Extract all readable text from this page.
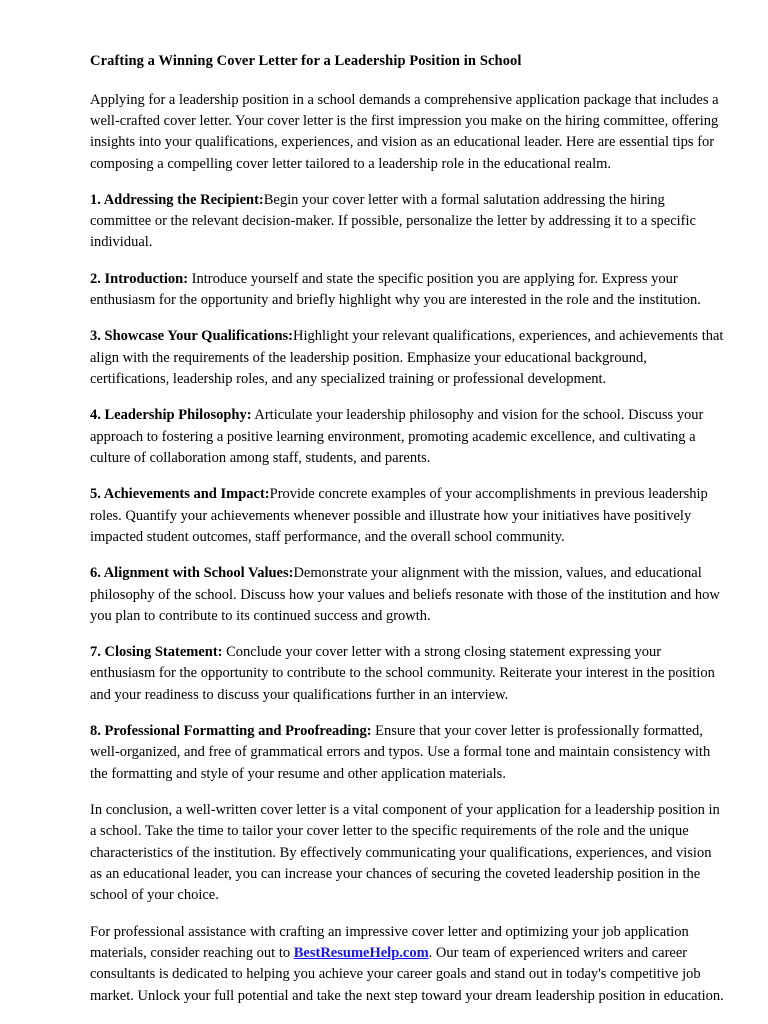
Crafting a Winning Cover Letter for a Leadership Position in School

Applying for a leadership position in a school demands a comprehensive application package that includes a well-crafted cover letter. Your cover letter is the first impression you make on the hiring committee, offering insights into your qualifications, experiences, and vision as an educational leader. Here are essential tips for composing a compelling cover letter tailored to a leadership role in the educational realm.

1. Addressing the Recipient:Begin your cover letter with a formal salutation addressing the hiring committee or the relevant decision-maker. If possible, personalize the letter by addressing it to a specific individual.

2. Introduction: Introduce yourself and state the specific position you are applying for. Express your enthusiasm for the opportunity and briefly highlight why you are interested in the role and the institution.

3. Showcase Your Qualifications:Highlight your relevant qualifications, experiences, and achievements that align with the requirements of the leadership position. Emphasize your educational background, certifications, leadership roles, and any specialized training or professional development.

4. Leadership Philosophy: Articulate your leadership philosophy and vision for the school. Discuss your approach to fostering a positive learning environment, promoting academic excellence, and cultivating a culture of collaboration among staff, students, and parents.

5. Achievements and Impact:Provide concrete examples of your accomplishments in previous leadership roles. Quantify your achievements whenever possible and illustrate how your initiatives have positively impacted student outcomes, staff performance, and the overall school community.

6. Alignment with School Values:Demonstrate your alignment with the mission, values, and educational philosophy of the school. Discuss how your values and beliefs resonate with those of the institution and how you plan to contribute to its continued success and growth.

7. Closing Statement: Conclude your cover letter with a strong closing statement expressing your enthusiasm for the opportunity to contribute to the school community. Reiterate your interest in the position and your readiness to discuss your qualifications further in an interview.

8. Professional Formatting and Proofreading: Ensure that your cover letter is professionally formatted, well-organized, and free of grammatical errors and typos. Use a formal tone and maintain consistency with the formatting and style of your resume and other application materials.

In conclusion, a well-written cover letter is a vital component of your application for a leadership position in a school. Take the time to tailor your cover letter to the specific requirements of the role and the unique characteristics of the institution. By effectively communicating your qualifications, experiences, and vision as an educational leader, you can increase your chances of securing the coveted leadership position in the school of your choice.

For professional assistance with crafting an impressive cover letter and optimizing your job application materials, consider reaching out to BestResumeHelp.com. Our team of experienced writers and career consultants is dedicated to helping you achieve your career goals and stand out in today's competitive job market. Unlock your full potential and take the next step toward your dream leadership position in education.
